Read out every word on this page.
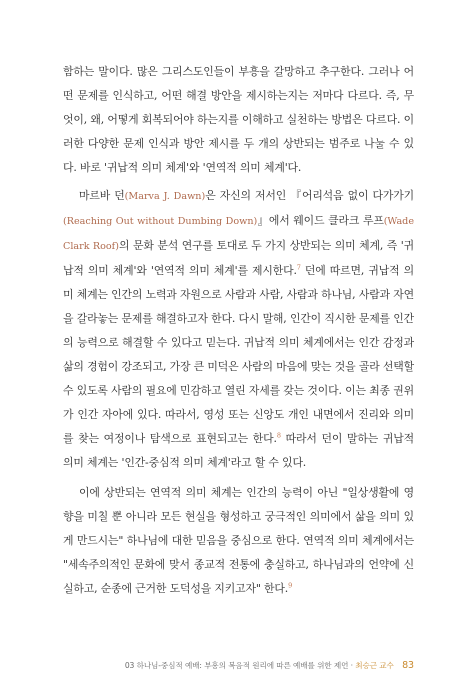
함하는 말이다. 많은 그리스도인들이 부흥을 갈망하고 추구한다. 그러나 어떤 문제를 인식하고, 어떤 해결 방안을 제시하는지는 저마다 다르다. 즉, 무엇이, 왜, 어떻게 회복되어야 하는지를 이해하고 실천하는 방법은 다르다. 이러한 다양한 문제 인식과 방안 제시를 두 개의 상반되는 범주로 나눌 수 있다. 바로 '귀납적 의미 체계'와 '연역적 의미 체계'다.

마르바 던(Marva J. Dawn)은 자신의 저서인 『어리석음 없이 다가가기 (Reaching Out without Dumbing Down)』에서 웨이드 클라크 루프(Wade Clark Roof)의 문화 분석 연구를 토대로 두 가지 상반되는 의미 체계, 즉 '귀납적 의미 체계'와 '연역적 의미 체계'를 제시한다.$^7$ 던에 따르면, 귀납적 의미 체계는 인간의 노력과 자원으로 사람과 사람, 사람과 하나님, 사람과 자연을 갈라놓는 문제를 해결하고자 한다. 다시 말해, 인간이 직시한 문제를 인간의 능력으로 해결할 수 있다고 믿는다. 귀납적 의미 체계에서는 인간 감정과 삶의 경험이 강조되고, 가장 큰 미덕은 사람의 마음에 맞는 것을 골라 선택할 수 있도록 사람의 필요에 민감하고 열린 자세를 갖는 것이다. 이는 최종 권위가 인간 자아에 있다. 따라서, 영성 또는 신앙도 개인 내면에서 진리와 의미를 찾는 여정이나 탐색으로 표현되고는 한다.$^8$ 따라서 던이 말하는 귀납적 의미 체계는 '인간-중심적 의미 체계'라고 할 수 있다.

이에 상반되는 연역적 의미 체계는 인간의 능력이 아닌 "일상생활에 영향을 미칠 뿐 아니라 모든 현실을 형성하고 궁극적인 의미에서 삶을 의미 있게 만드시는" 하나님에 대한 믿음을 중심으로 한다. 연역적 의미 체계에서는 "세속주의적인 문화에 맞서 종교적 전통에 충실하고, 하나님과의 언약에 신실하고, 순종에 근거한 도덕성을 지키고자" 한다.$^9$

03 하나님-중심적 예배: 부흥의 복음적 원리에 따른 예배를 위한 제언 · 최승근 교수 83
